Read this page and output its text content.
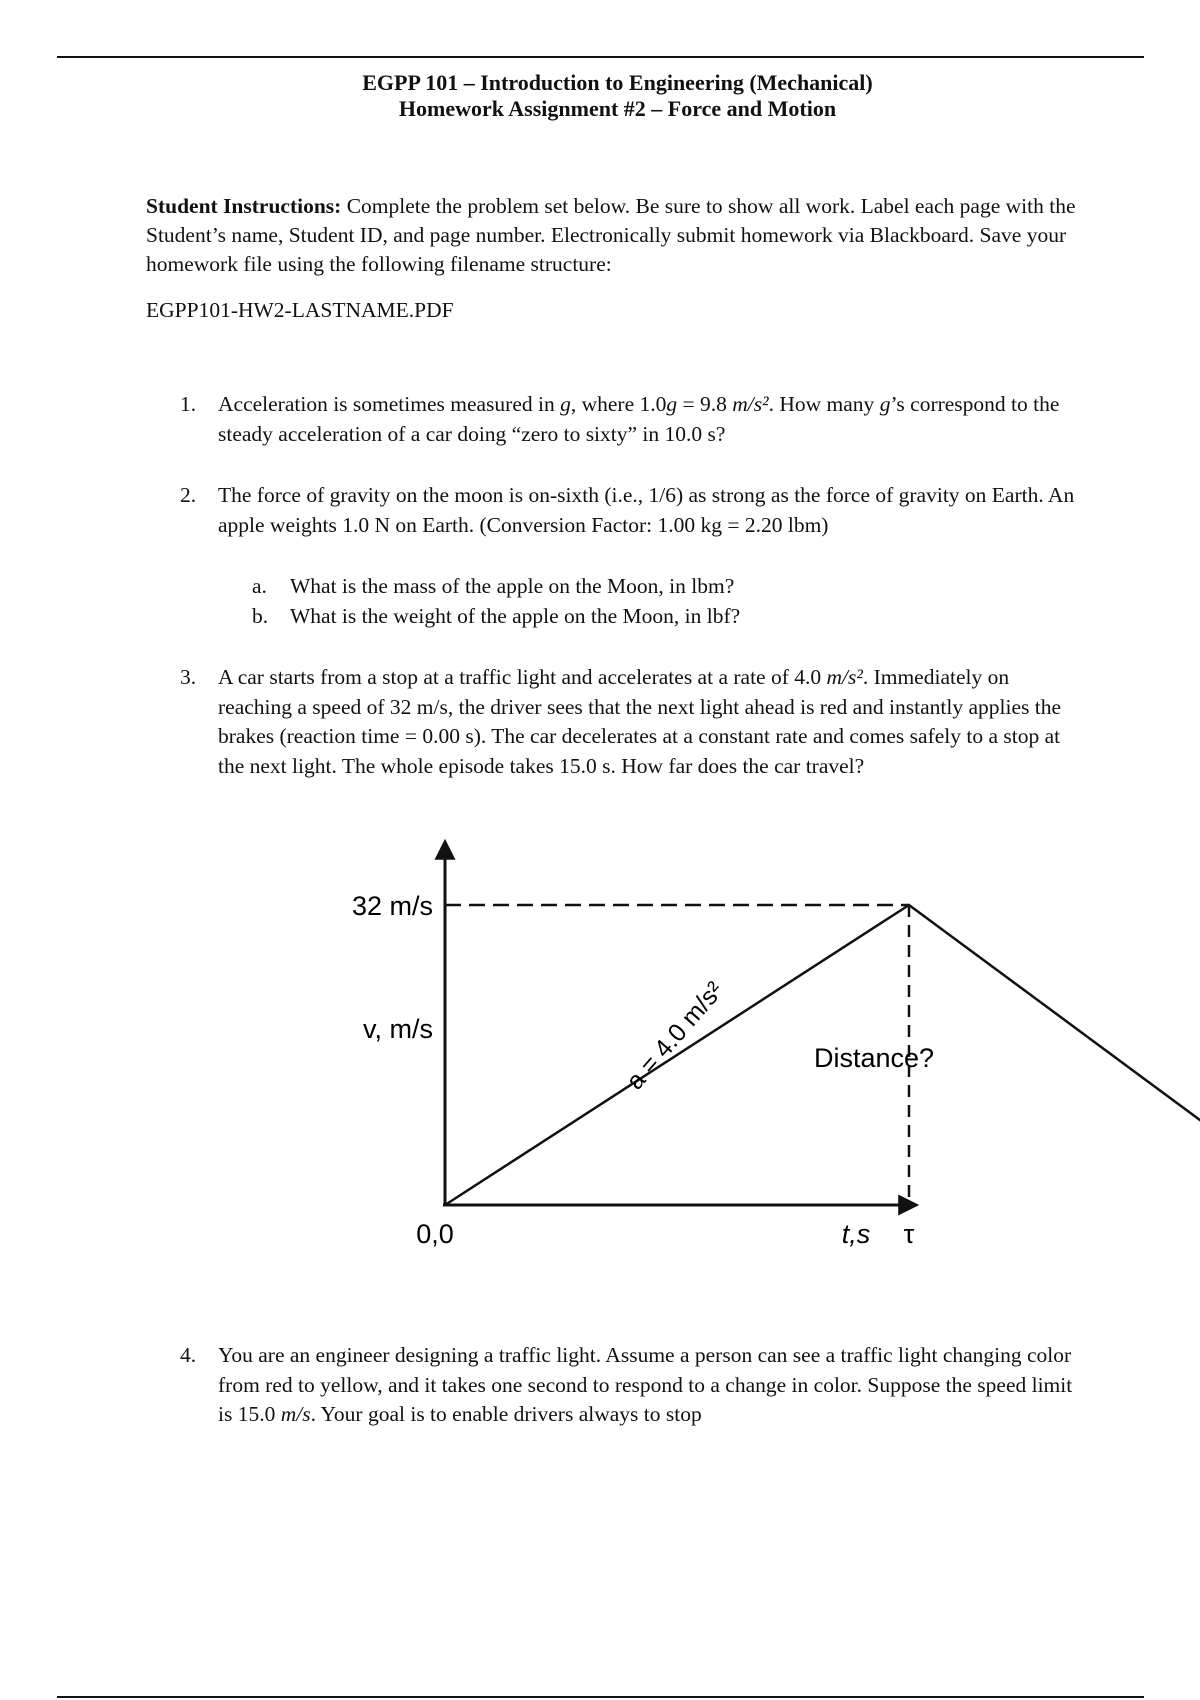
EGPP 101 – Introduction to Engineering (Mechanical)
Homework Assignment #2 – Force and Motion
Student Instructions: Complete the problem set below. Be sure to show all work. Label each page with the Student’s name, Student ID, and page number. Electronically submit homework via Blackboard. Save your homework file using the following filename structure:
EGPP101-HW2-LASTNAME.PDF
1.	Acceleration is sometimes measured in g, where 1.0g = 9.8 m/s². How many g’s correspond to the steady acceleration of a car doing “zero to sixty” in 10.0 s?
2.	The force of gravity on the moon is on-sixth (i.e., 1/6) as strong as the force of gravity on Earth. An apple weights 1.0 N on Earth. (Conversion Factor: 1.00 kg = 2.20 lbm)
a.	What is the mass of the apple on the Moon, in lbm?
b.	What is the weight of the apple on the Moon, in lbf?
3.	A car starts from a stop at a traffic light and accelerates at a rate of 4.0 m/s². Immediately on reaching a speed of 32 m/s, the driver sees that the next light ahead is red and instantly applies the brakes (reaction time = 0.00 s). The car decelerates at a constant rate and comes safely to a stop at the next light. The whole episode takes 15.0 s. How far does the car travel?
32 m/s
v, m/s
0,0	t,s τ
a = 4.0 m/s²	Distance?
4.	You are an engineer designing a traffic light. Assume a person can see a traffic light changing color from red to yellow, and it takes one second to respond to a change in color. Suppose the speed limit is 15.0 m/s. Your goal is to enable drivers always to stop
